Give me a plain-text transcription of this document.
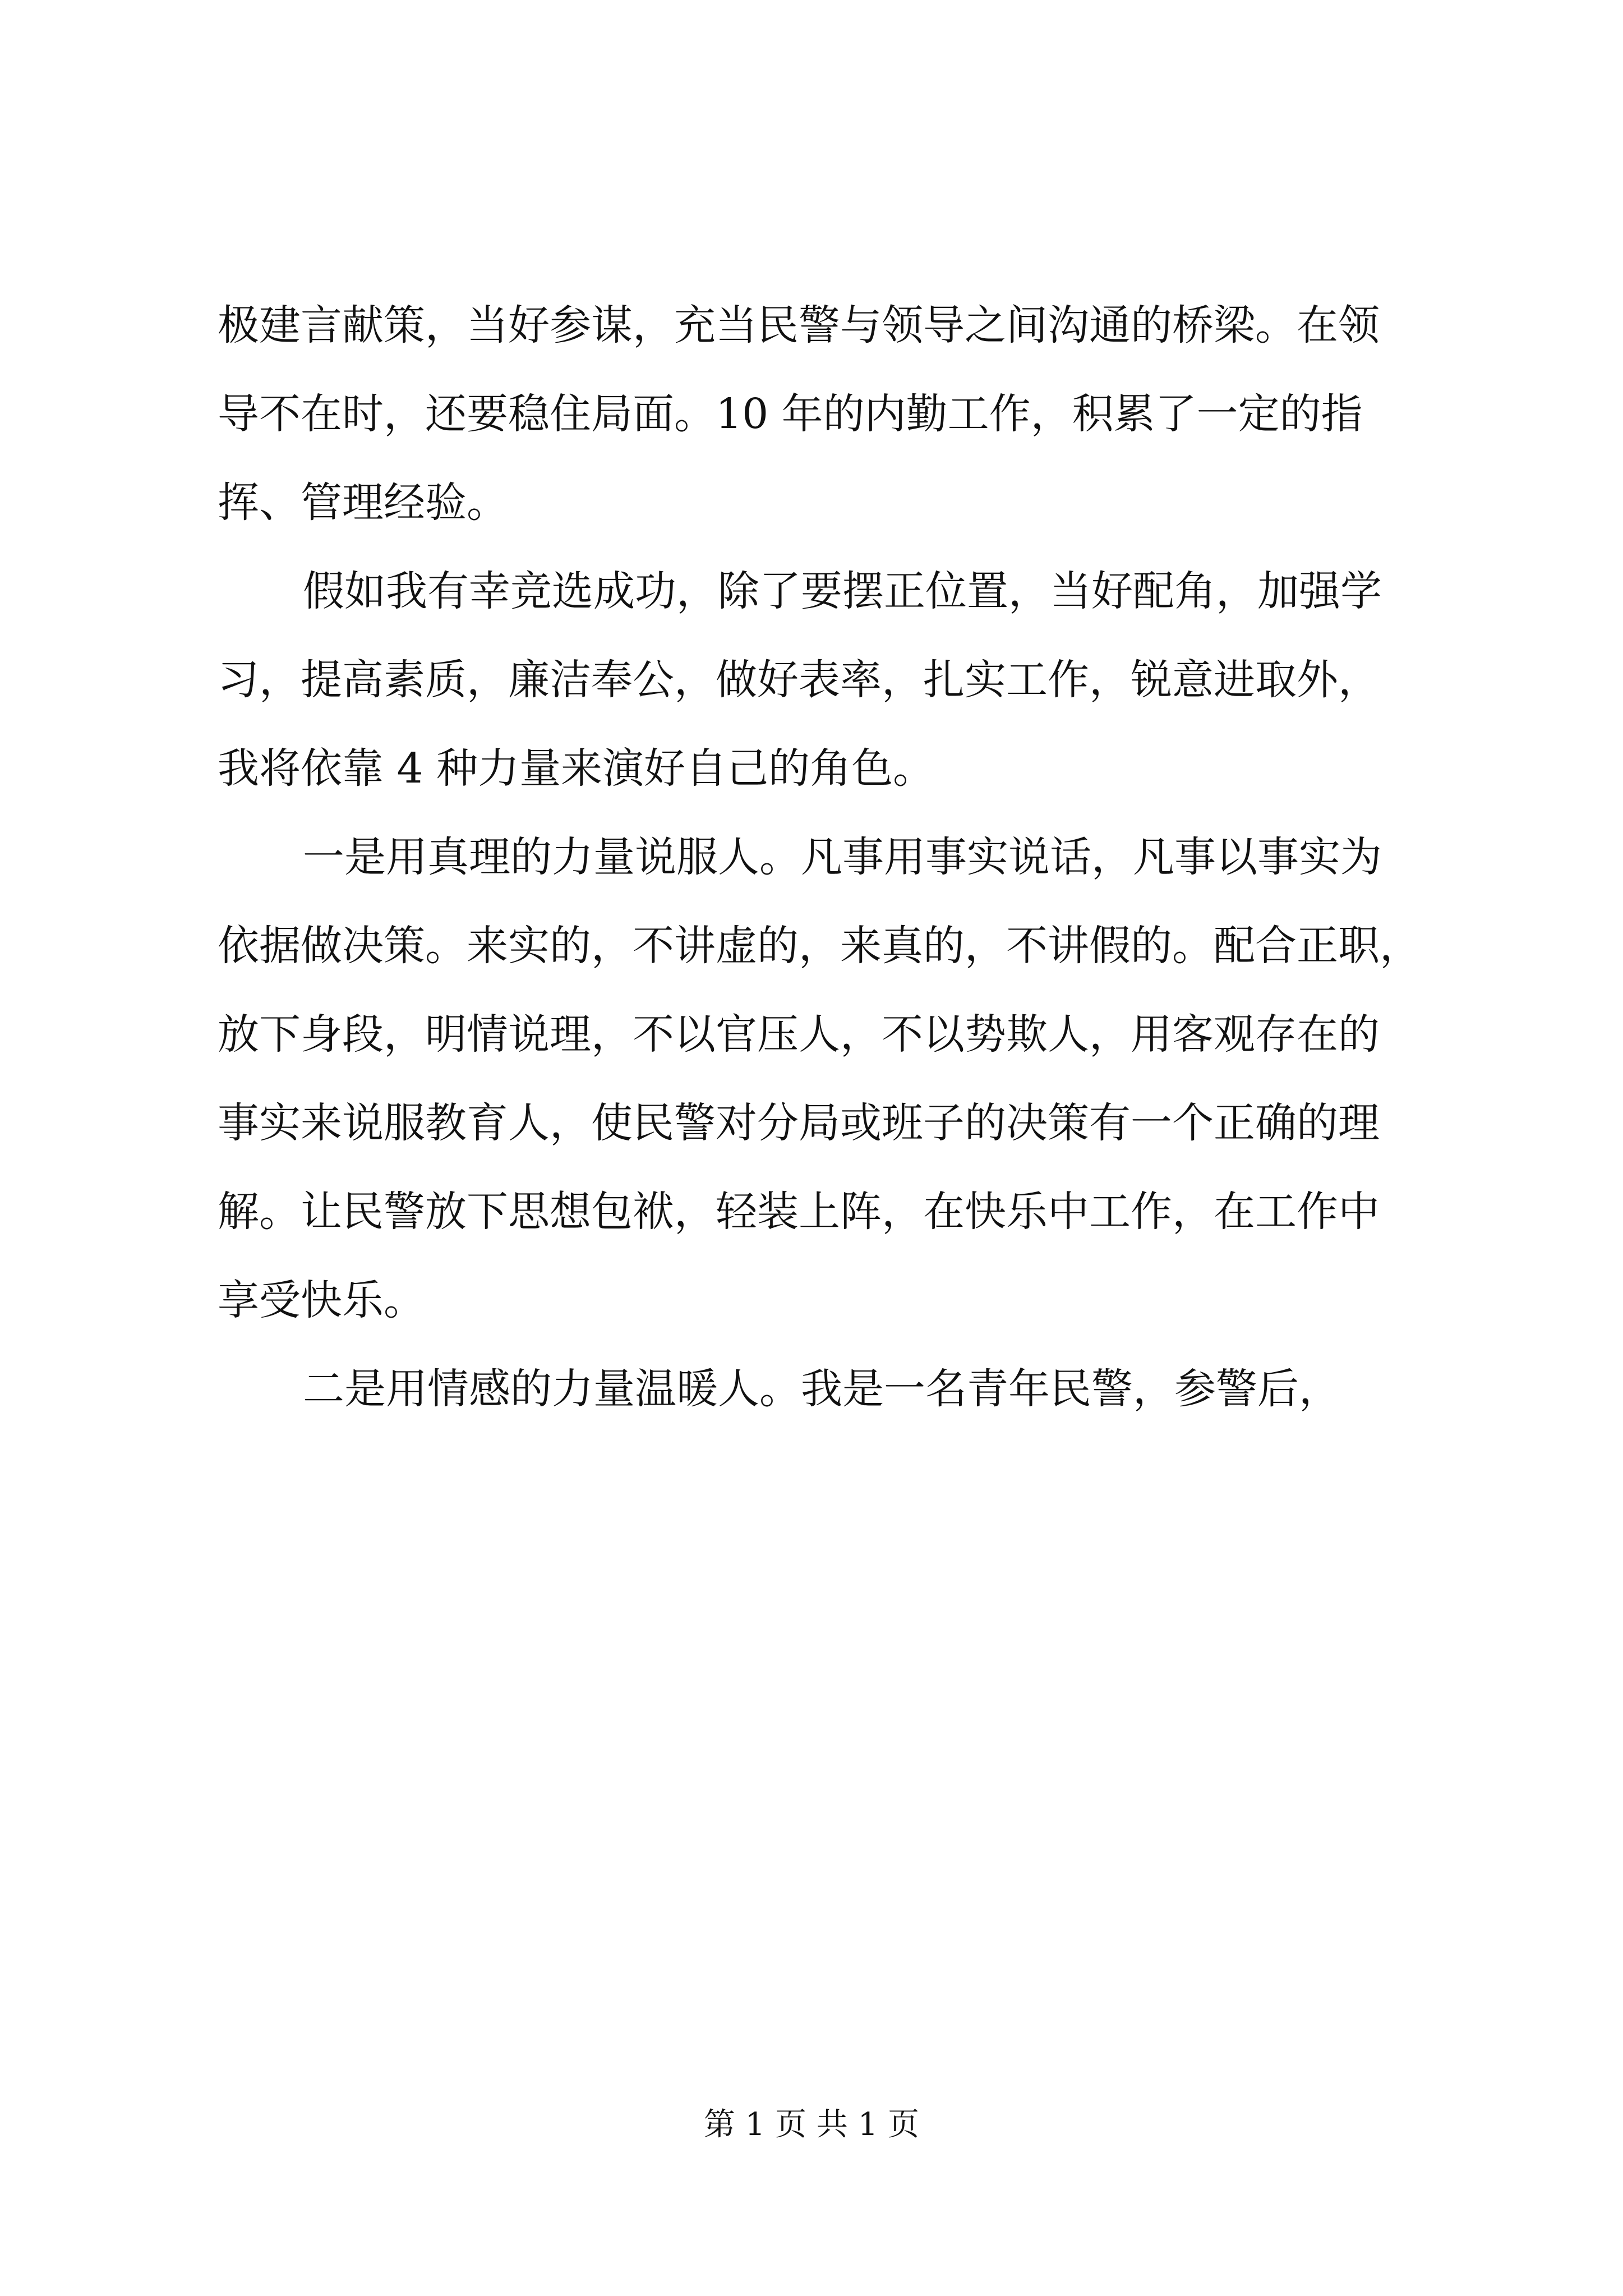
极建言献策，当好参谋，充当民警与领导之间沟通的桥梁。在领
导不在时，还要稳住局面。10 年的内勤工作，积累了一定的指
挥、管理经验。
假如我有幸竞选成功，除了要摆正位置，当好配角，加强学
习，提高素质，廉洁奉公，做好表率，扎实工作，锐意进取外，
我将依靠 4 种力量来演好自己的角色。
一是用真理的力量说服人。凡事用事实说话，凡事以事实为
依据做决策。来实的，不讲虚的，来真的，不讲假的。配合正职，
放下身段，明情说理，不以官压人，不以势欺人，用客观存在的
事实来说服教育人，使民警对分局或班子的决策有一个正确的理
解。让民警放下思想包袱，轻装上阵，在快乐中工作，在工作中
享受快乐。
二是用情感的力量温暖人。我是一名青年民警，参警后，
第 1 页 共 1 页
